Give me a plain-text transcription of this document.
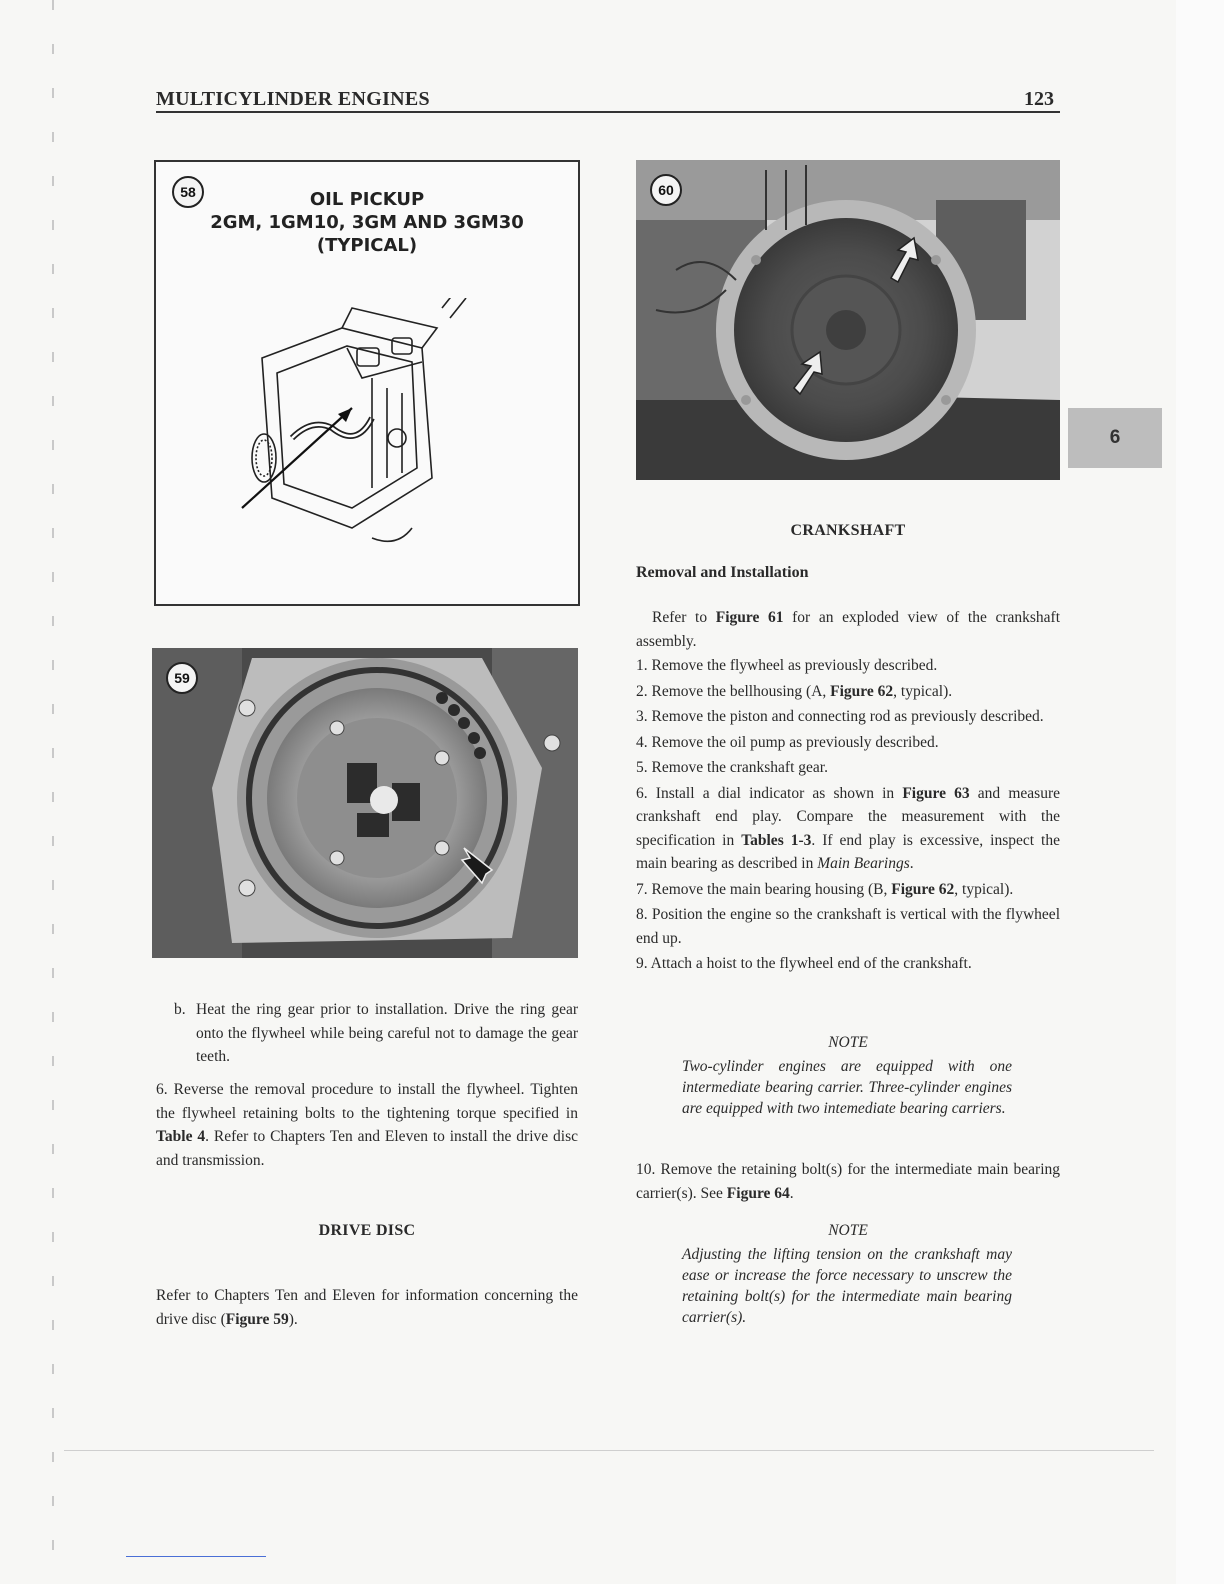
MULTICYLINDER ENGINES	123
58	OIL PICKUP
2GM, 1GM10, 3GM AND 3GM30
(TYPICAL)
59
60
6
b. Heat the ring gear prior to installation. Drive the ring gear onto the flywheel while being careful not to damage the gear teeth.
6. Reverse the removal procedure to install the flywheel. Tighten the flywheel retaining bolts to the tightening torque specified in Table 4. Refer to Chapters Ten and Eleven to install the drive disc and transmission.
DRIVE DISC
Refer to Chapters Ten and Eleven for information concerning the drive disc (Figure 59).
CRANKSHAFT
Removal and Installation
Refer to Figure 61 for an exploded view of the crankshaft assembly.
1. Remove the flywheel as previously described.
2. Remove the bellhousing (A, Figure 62, typical).
3. Remove the piston and connecting rod as previously described.
4. Remove the oil pump as previously described.
5. Remove the crankshaft gear.
6. Install a dial indicator as shown in Figure 63 and measure crankshaft end play. Compare the measurement with the specification in Tables 1-3. If end play is excessive, inspect the main bearing as described in Main Bearings.
7. Remove the main bearing housing (B, Figure 62, typical).
8. Position the engine so the crankshaft is vertical with the flywheel end up.
9. Attach a hoist to the flywheel end of the crankshaft.
NOTE
Two-cylinder engines are equipped with one intermediate bearing carrier. Three-cylinder engines are equipped with two intemediate bearing carriers.
10. Remove the retaining bolt(s) for the intermediate main bearing carrier(s). See Figure 64.
NOTE
Adjusting the lifting tension on the crankshaft may ease or increase the force necessary to unscrew the retaining bolt(s) for the intermediate main bearing carrier(s).
